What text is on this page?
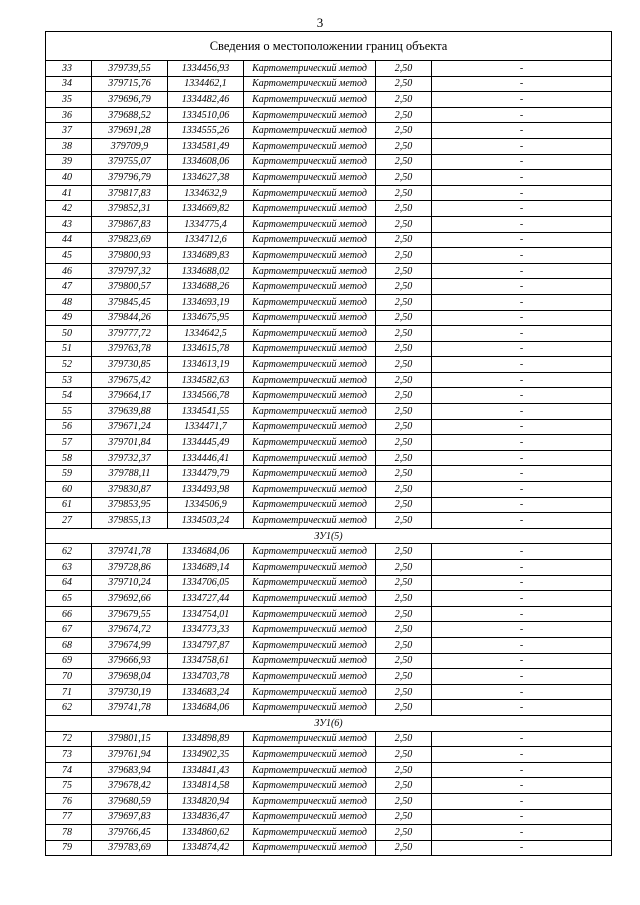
3
Сведения о местоположении границ объекта					
33	379739,55	1334456,93	Картометрический метод	2,50	-
34	379715,76	1334462,1	Картометрический метод	2,50	-
35	379696,79	1334482,46	Картометрический метод	2,50	-
36	379688,52	1334510,06	Картометрический метод	2,50	-
37	379691,28	1334555,26	Картометрический метод	2,50	-
38	379709,9	1334581,49	Картометрический метод	2,50	-
39	379755,07	1334608,06	Картометрический метод	2,50	-
40	379796,79	1334627,38	Картометрический метод	2,50	-
41	379817,83	1334632,9	Картометрический метод	2,50	-
42	379852,31	1334669,82	Картометрический метод	2,50	-
43	379867,83	1334775,4	Картометрический метод	2,50	-
44	379823,69	1334712,6	Картометрический метод	2,50	-
45	379800,93	1334689,83	Картометрический метод	2,50	-
46	379797,32	1334688,02	Картометрический метод	2,50	-
47	379800,57	1334688,26	Картометрический метод	2,50	-
48	379845,45	1334693,19	Картометрический метод	2,50	-
49	379844,26	1334675,95	Картометрический метод	2,50	-
50	379777,72	1334642,5	Картометрический метод	2,50	-
51	379763,78	1334615,78	Картометрический метод	2,50	-
52	379730,85	1334613,19	Картометрический метод	2,50	-
53	379675,42	1334582,63	Картометрический метод	2,50	-
54	379664,17	1334566,78	Картометрический метод	2,50	-
55	379639,88	1334541,55	Картометрический метод	2,50	-
56	379671,24	1334471,7	Картометрический метод	2,50	-
57	379701,84	1334445,49	Картометрический метод	2,50	-
58	379732,37	1334446,41	Картометрический метод	2,50	-
59	379788,11	1334479,79	Картометрический метод	2,50	-
60	379830,87	1334493,98	Картометрический метод	2,50	-
61	379853,95	1334506,9	Картометрический метод	2,50	-
27	379855,13	1334503,24	Картометрический метод	2,50	-
ЗУ1(5)					
62	379741,78	1334684,06	Картометрический метод	2,50	-
63	379728,86	1334689,14	Картометрический метод	2,50	-
64	379710,24	1334706,05	Картометрический метод	2,50	-
65	379692,66	1334727,44	Картометрический метод	2,50	-
66	379679,55	1334754,01	Картометрический метод	2,50	-
67	379674,72	1334773,33	Картометрический метод	2,50	-
68	379674,99	1334797,87	Картометрический метод	2,50	-
69	379666,93	1334758,61	Картометрический метод	2,50	-
70	379698,04	1334703,78	Картометрический метод	2,50	-
71	379730,19	1334683,24	Картометрический метод	2,50	-
62	379741,78	1334684,06	Картометрический метод	2,50	-
ЗУ1(6)					
72	379801,15	1334898,89	Картометрический метод	2,50	-
73	379761,94	1334902,35	Картометрический метод	2,50	-
74	379683,94	1334841,43	Картометрический метод	2,50	-
75	379678,42	1334814,58	Картометрический метод	2,50	-
76	379680,59	1334820,94	Картометрический метод	2,50	-
77	379697,83	1334836,47	Картометрический метод	2,50	-
78	379766,45	1334860,62	Картометрический метод	2,50	-
79	379783,69	1334874,42	Картометрический метод	2,50	-
